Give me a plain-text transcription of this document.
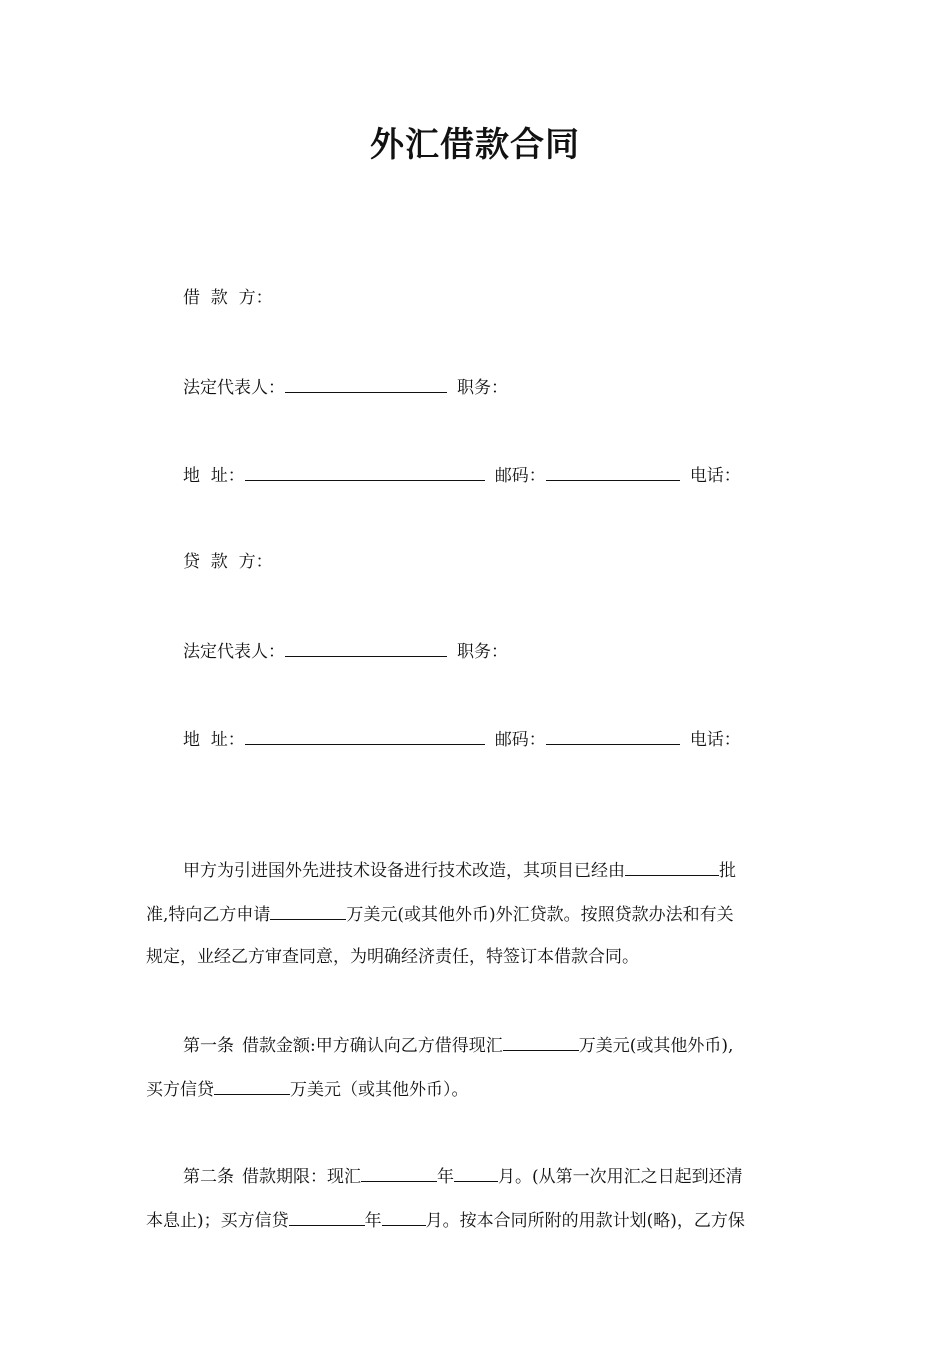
外汇借款合同
借  款  方：
法定代表人：	职务：
地  址：	邮码：	电话：
贷  款  方：
法定代表人：	职务：
地  址：	邮码：	电话：
甲方为引进国外先进技术设备进行技术改造，其项目已经由	批
准,特向乙方申请	万美元(或其他外币)外汇贷款。按照贷款办法和有关
规定，业经乙方审查同意，为明确经济责任，特签订本借款合同。
第一条 借款金额:甲方确认向乙方借得现汇	万美元(或其他外币),
买方信贷	万美元（或其他外币）。
第二条 借款期限：现汇	年	月。(从第一次用汇之日起到还清
本息止)；买方信贷	年	月。按本合同所附的用款计划(略)，乙方保
